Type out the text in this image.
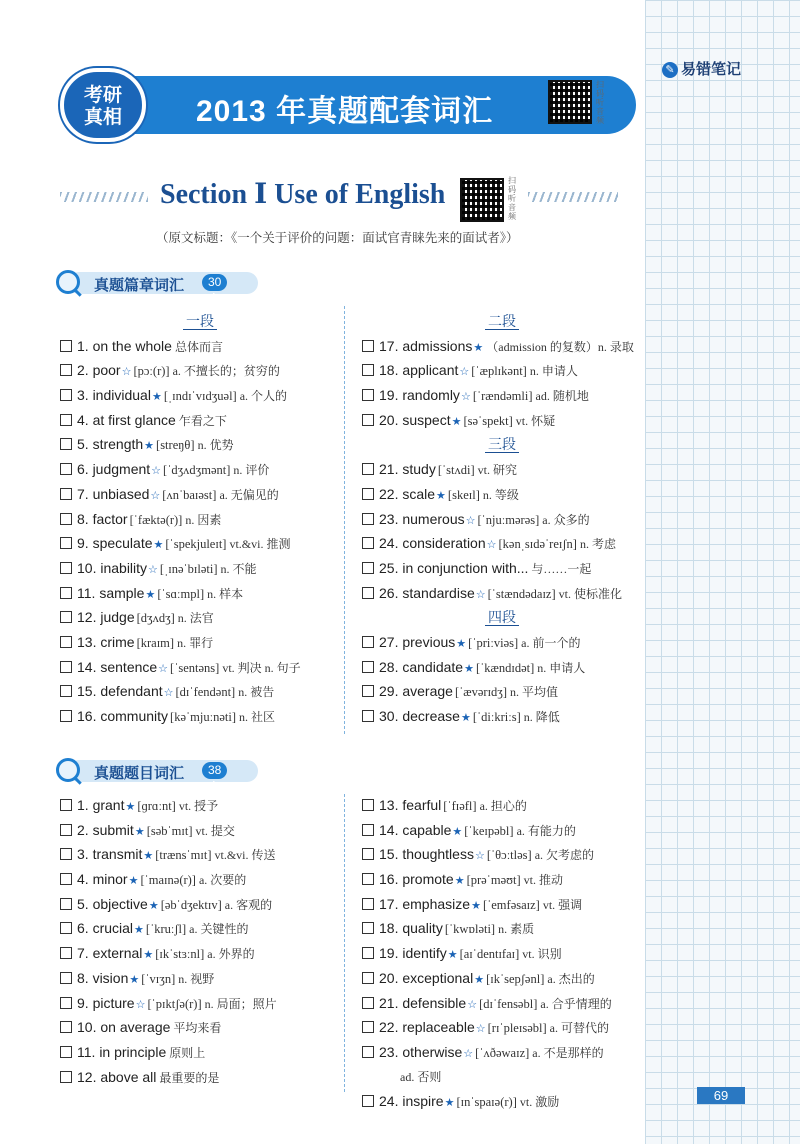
✎ 易错笔记
考研
真相	2013 年真题配套词汇
扫码听音频
Section Ⅰ Use of English	扫码听音频
（原文标题：《一个关于评价的问题：面试官青睐先来的面试者》）
真题篇章词汇	30 个
一段
1. on the whole 总体而言
2. poor☆ [pɔː(r)] a. 不擅长的；贫穷的
3. individual★ [ˌɪndɪˈvɪdʒuəl] a. 个人的
4. at first glance 乍看之下
5. strength★ [streŋθ] n. 优势
6. judgment☆ [ˈdʒʌdʒmənt] n. 评价
7. unbiased☆ [ʌnˈbaɪəst] a. 无偏见的
8. factor [ˈfæktə(r)] n. 因素
9. speculate★ [ˈspekjuleɪt] vt.&vi. 推测
10. inability☆ [ˌɪnəˈbɪləti] n. 不能
11. sample★ [ˈsɑːmpl] n. 样本
12. judge [dʒʌdʒ] n. 法官
13. crime [kraɪm] n. 罪行
14. sentence☆ [ˈsentəns] vt. 判决 n. 句子
15. defendant☆ [dɪˈfendənt] n. 被告
16. community [kəˈmjuːnəti] n. 社区
二段
17. admissions★ （admission 的复数）n. 录取
18. applicant☆ [ˈæplɪkənt] n. 申请人
19. randomly☆ [ˈrændəmli] ad. 随机地
20. suspect★ [səˈspekt] vt. 怀疑
三段
21. study [ˈstʌdi] vt. 研究
22. scale★ [skeɪl] n. 等级
23. numerous☆ [ˈnjuːmərəs] a. 众多的
24. consideration☆ [kənˌsɪdəˈreɪʃn] n. 考虑
25. in conjunction with... 与……一起
26. standardise☆ [ˈstændədaɪz] vt. 使标准化
四段
27. previous★ [ˈpriːviəs] a. 前一个的
28. candidate★ [ˈkændɪdət] n. 申请人
29. average [ˈævərɪdʒ] n. 平均值
30. decrease★ [ˈdiːkriːs] n. 降低
真题题目词汇	38 个
1. grant★ [ɡrɑːnt] vt. 授予
2. submit★ [səbˈmɪt] vt. 提交
3. transmit★ [trænsˈmɪt] vt.&vi. 传送
4. minor★ [ˈmaɪnə(r)] a. 次要的
5. objective★ [əbˈdʒektɪv] a. 客观的
6. crucial★ [ˈkruːʃl] a. 关键性的
7. external★ [ɪkˈstɜːnl] a. 外界的
8. vision★ [ˈvɪʒn] n. 视野
9. picture☆ [ˈpɪktʃə(r)] n. 局面；照片
10. on average 平均来看
11. in principle 原则上
12. above all 最重要的是
13. fearful [ˈfɪəfl] a. 担心的
14. capable★ [ˈkeɪpəbl] a. 有能力的
15. thoughtless☆ [ˈθɔːtləs] a. 欠考虑的
16. promote★ [prəˈməʊt] vt. 推动
17. emphasize★ [ˈemfəsaɪz] vt. 强调
18. quality [ˈkwɒləti] n. 素质
19. identify★ [aɪˈdentɪfaɪ] vt. 识别
20. exceptional★ [ɪkˈsepʃənl] a. 杰出的
21. defensible☆ [dɪˈfensəbl] a. 合乎情理的
22. replaceable☆ [rɪˈpleɪsəbl] a. 可替代的
23. otherwise☆ [ˈʌðəwaɪz] a. 不是那样的
ad. 否则
24. inspire★ [ɪnˈspaɪə(r)] vt. 激励	69
